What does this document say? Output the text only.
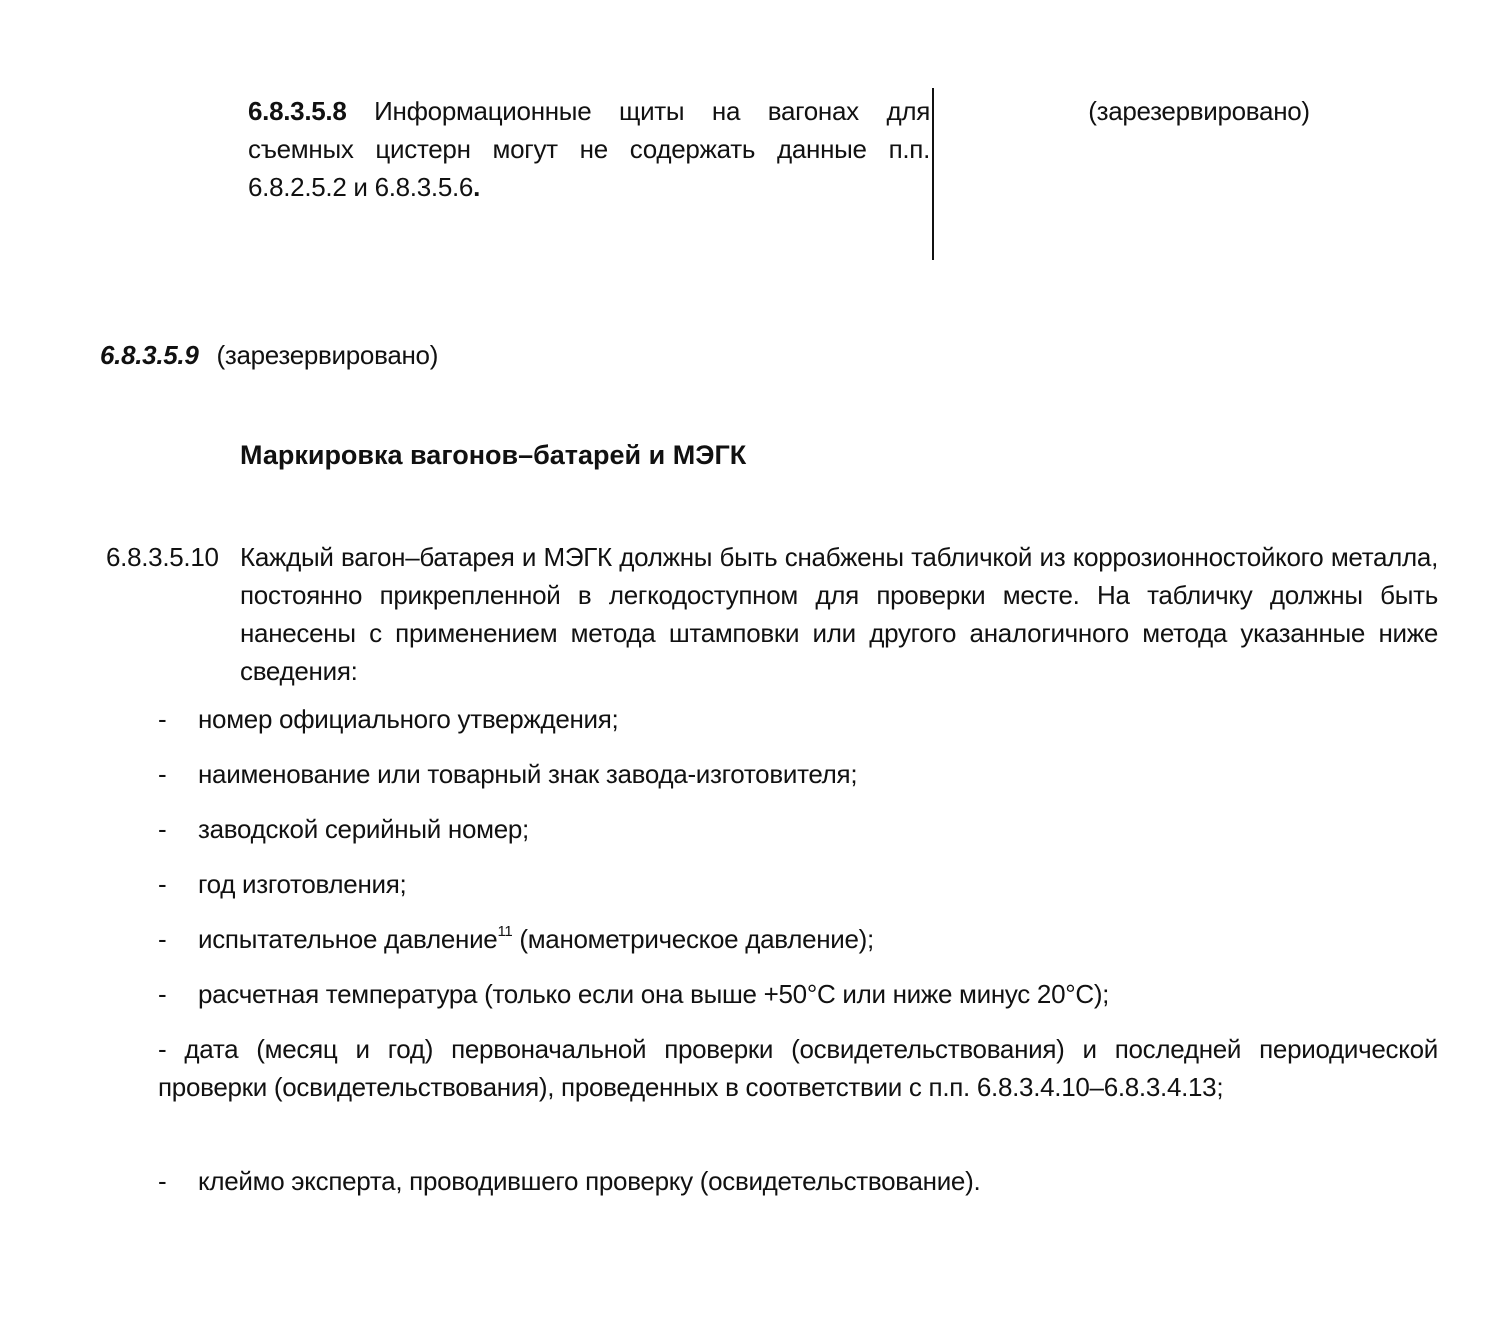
6.8.3.5.8 Информационные щиты на вагонах для съемных цистерн могут не содержать данные п.п. 6.8.2.5.2 и 6.8.3.5.6.
(зарезервировано)
6.8.3.5.9 (зарезервировано)
Маркировка вагонов–батарей и МЭГК
6.8.3.5.10 Каждый вагон–батарея и МЭГК должны быть снабжены табличкой из коррозионностойкого металла, постоянно прикрепленной в легкодоступном для проверки месте. На табличку должны быть нанесены с применением метода штамповки или другого аналогичного метода указанные ниже сведения:
- номер официального утверждения;
- наименование или товарный знак завода-изготовителя;
- заводской серийный номер;
- год изготовления;
- испытательное давление$^{11}$ (манометрическое давление);
- расчетная температура (только если она выше +50°С или ниже минус 20°С);
- дата (месяц и год) первоначальной проверки (освидетельствования) и последней периодической проверки (освидетельствования), проведенных в соответствии с п.п. 6.8.3.4.10–6.8.3.4.13;
- клеймо эксперта, проводившего проверку (освидетельствование).
